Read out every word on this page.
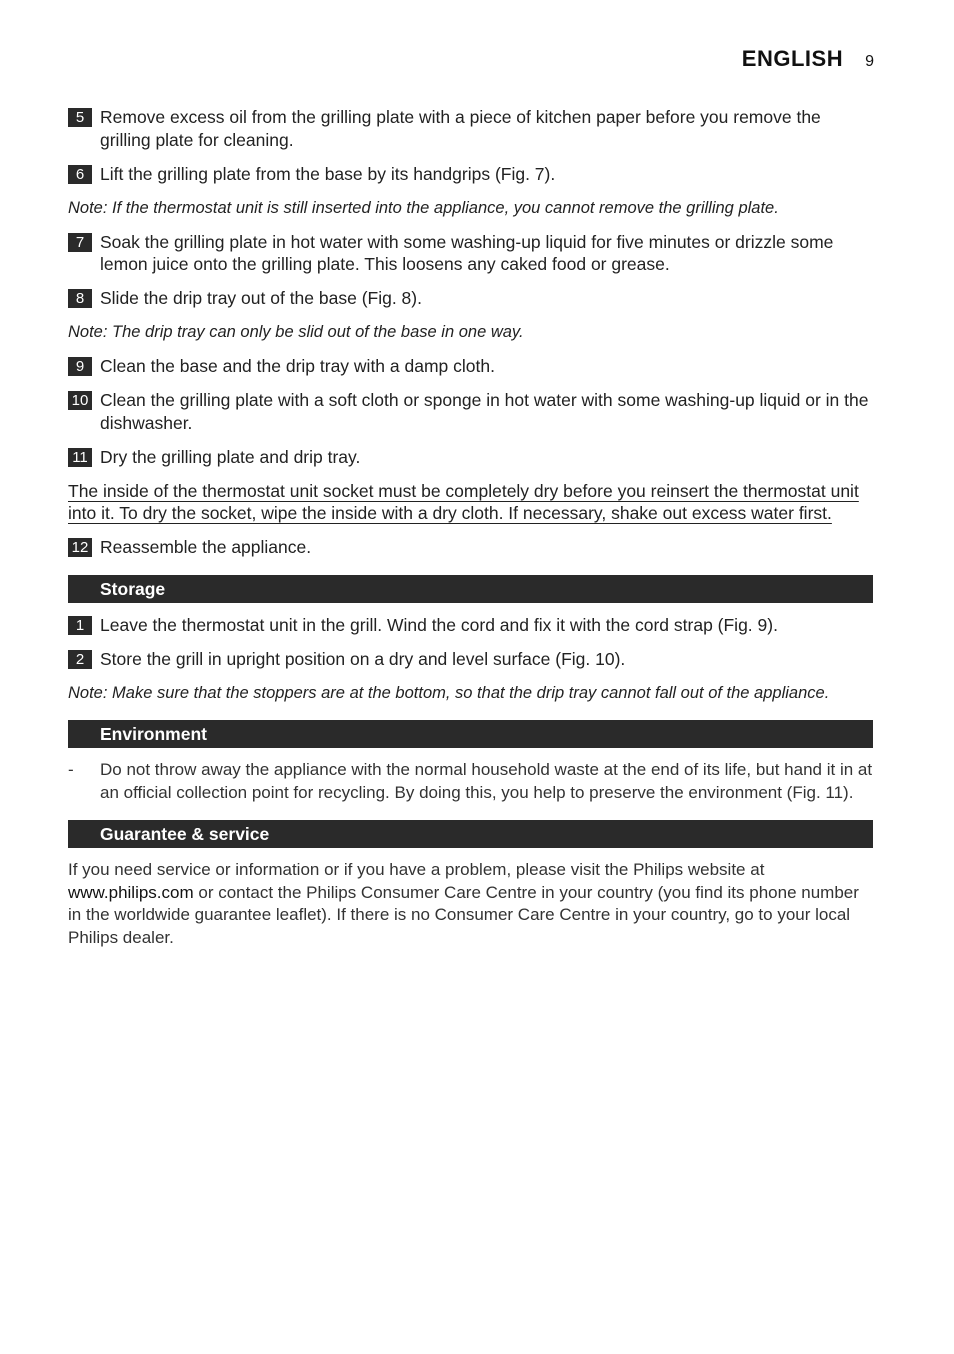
ENGLISH 9
5 Remove excess oil from the grilling plate with a piece of kitchen paper before you remove the grilling plate for cleaning.
6 Lift the grilling plate from the base by its handgrips (Fig. 7).
Note: If the thermostat unit is still inserted into the appliance, you cannot remove the grilling plate.
7 Soak the grilling plate in hot water with some washing-up liquid for five minutes or drizzle some lemon juice onto the grilling plate. This loosens any caked food or grease.
8 Slide the drip tray out of the base (Fig. 8).
Note: The drip tray can only be slid out of the base in one way.
9 Clean the base and the drip tray with a damp cloth.
10 Clean the grilling plate with a soft cloth or sponge in hot water with some washing-up liquid or in the dishwasher.
11 Dry the grilling plate and drip tray.
The inside of the thermostat unit socket must be completely dry before you reinsert the thermostat unit into it. To dry the socket, wipe the inside with a dry cloth. If necessary, shake out excess water first.
12 Reassemble the appliance.
Storage
1 Leave the thermostat unit in the grill. Wind the cord and fix it with the cord strap (Fig. 9).
2 Store the grill in upright position on a dry and level surface (Fig. 10).
Note: Make sure that the stoppers are at the bottom, so that the drip tray cannot fall out of the appliance.
Environment
- Do not throw away the appliance with the normal household waste at the end of its life, but hand it in at an official collection point for recycling. By doing this, you help to preserve the environment (Fig. 11).
Guarantee & service
If you need service or information or if you have a problem, please visit the Philips website at www.philips.com or contact the Philips Consumer Care Centre in your country (you find its phone number in the worldwide guarantee leaflet). If there is no Consumer Care Centre in your country, go to your local Philips dealer.
